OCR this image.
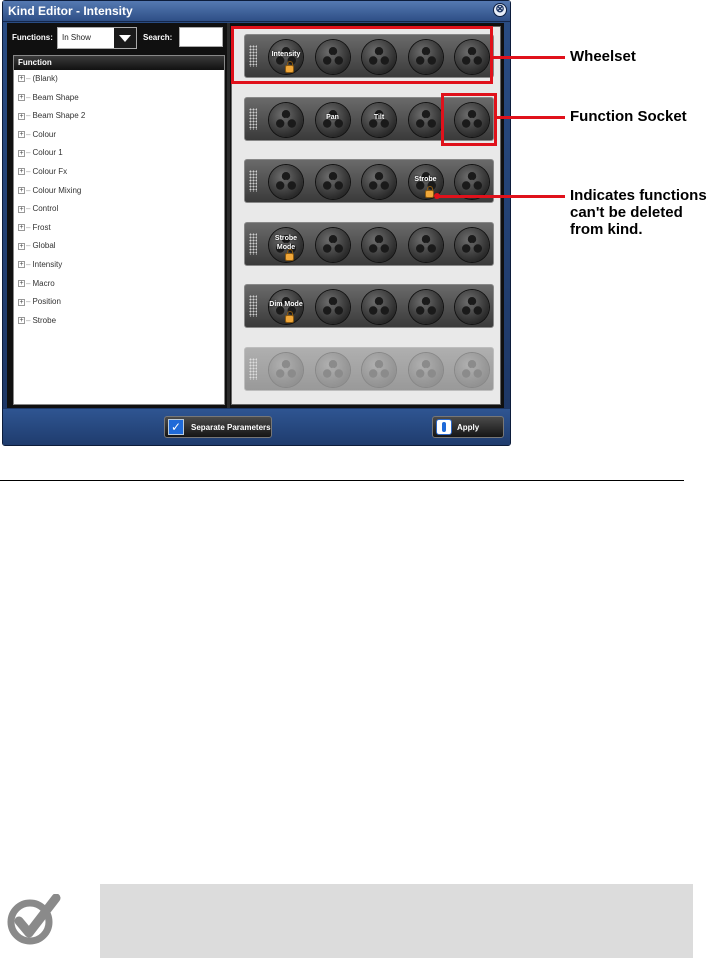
Kind Editor - Intensity	⊗
Functions: In Show	Search:
Function
+ – (Blank)
+ – Beam Shape
+ – Beam Shape 2
+ – Colour
+ – Colour 1
+ – Colour Fx
+ – Colour Mixing
+ – Control
+ – Frost
+ – Global
+ – Intensity
+ – Macro
+ – Position
+ – Strobe
Intensity
Pan	Tilt
Strobe
Strobe Mode
Dim Mode
✓	Separate Parameters	Apply
Wheelset
Function Socket
Indicates functions
can't be deleted
from kind.
